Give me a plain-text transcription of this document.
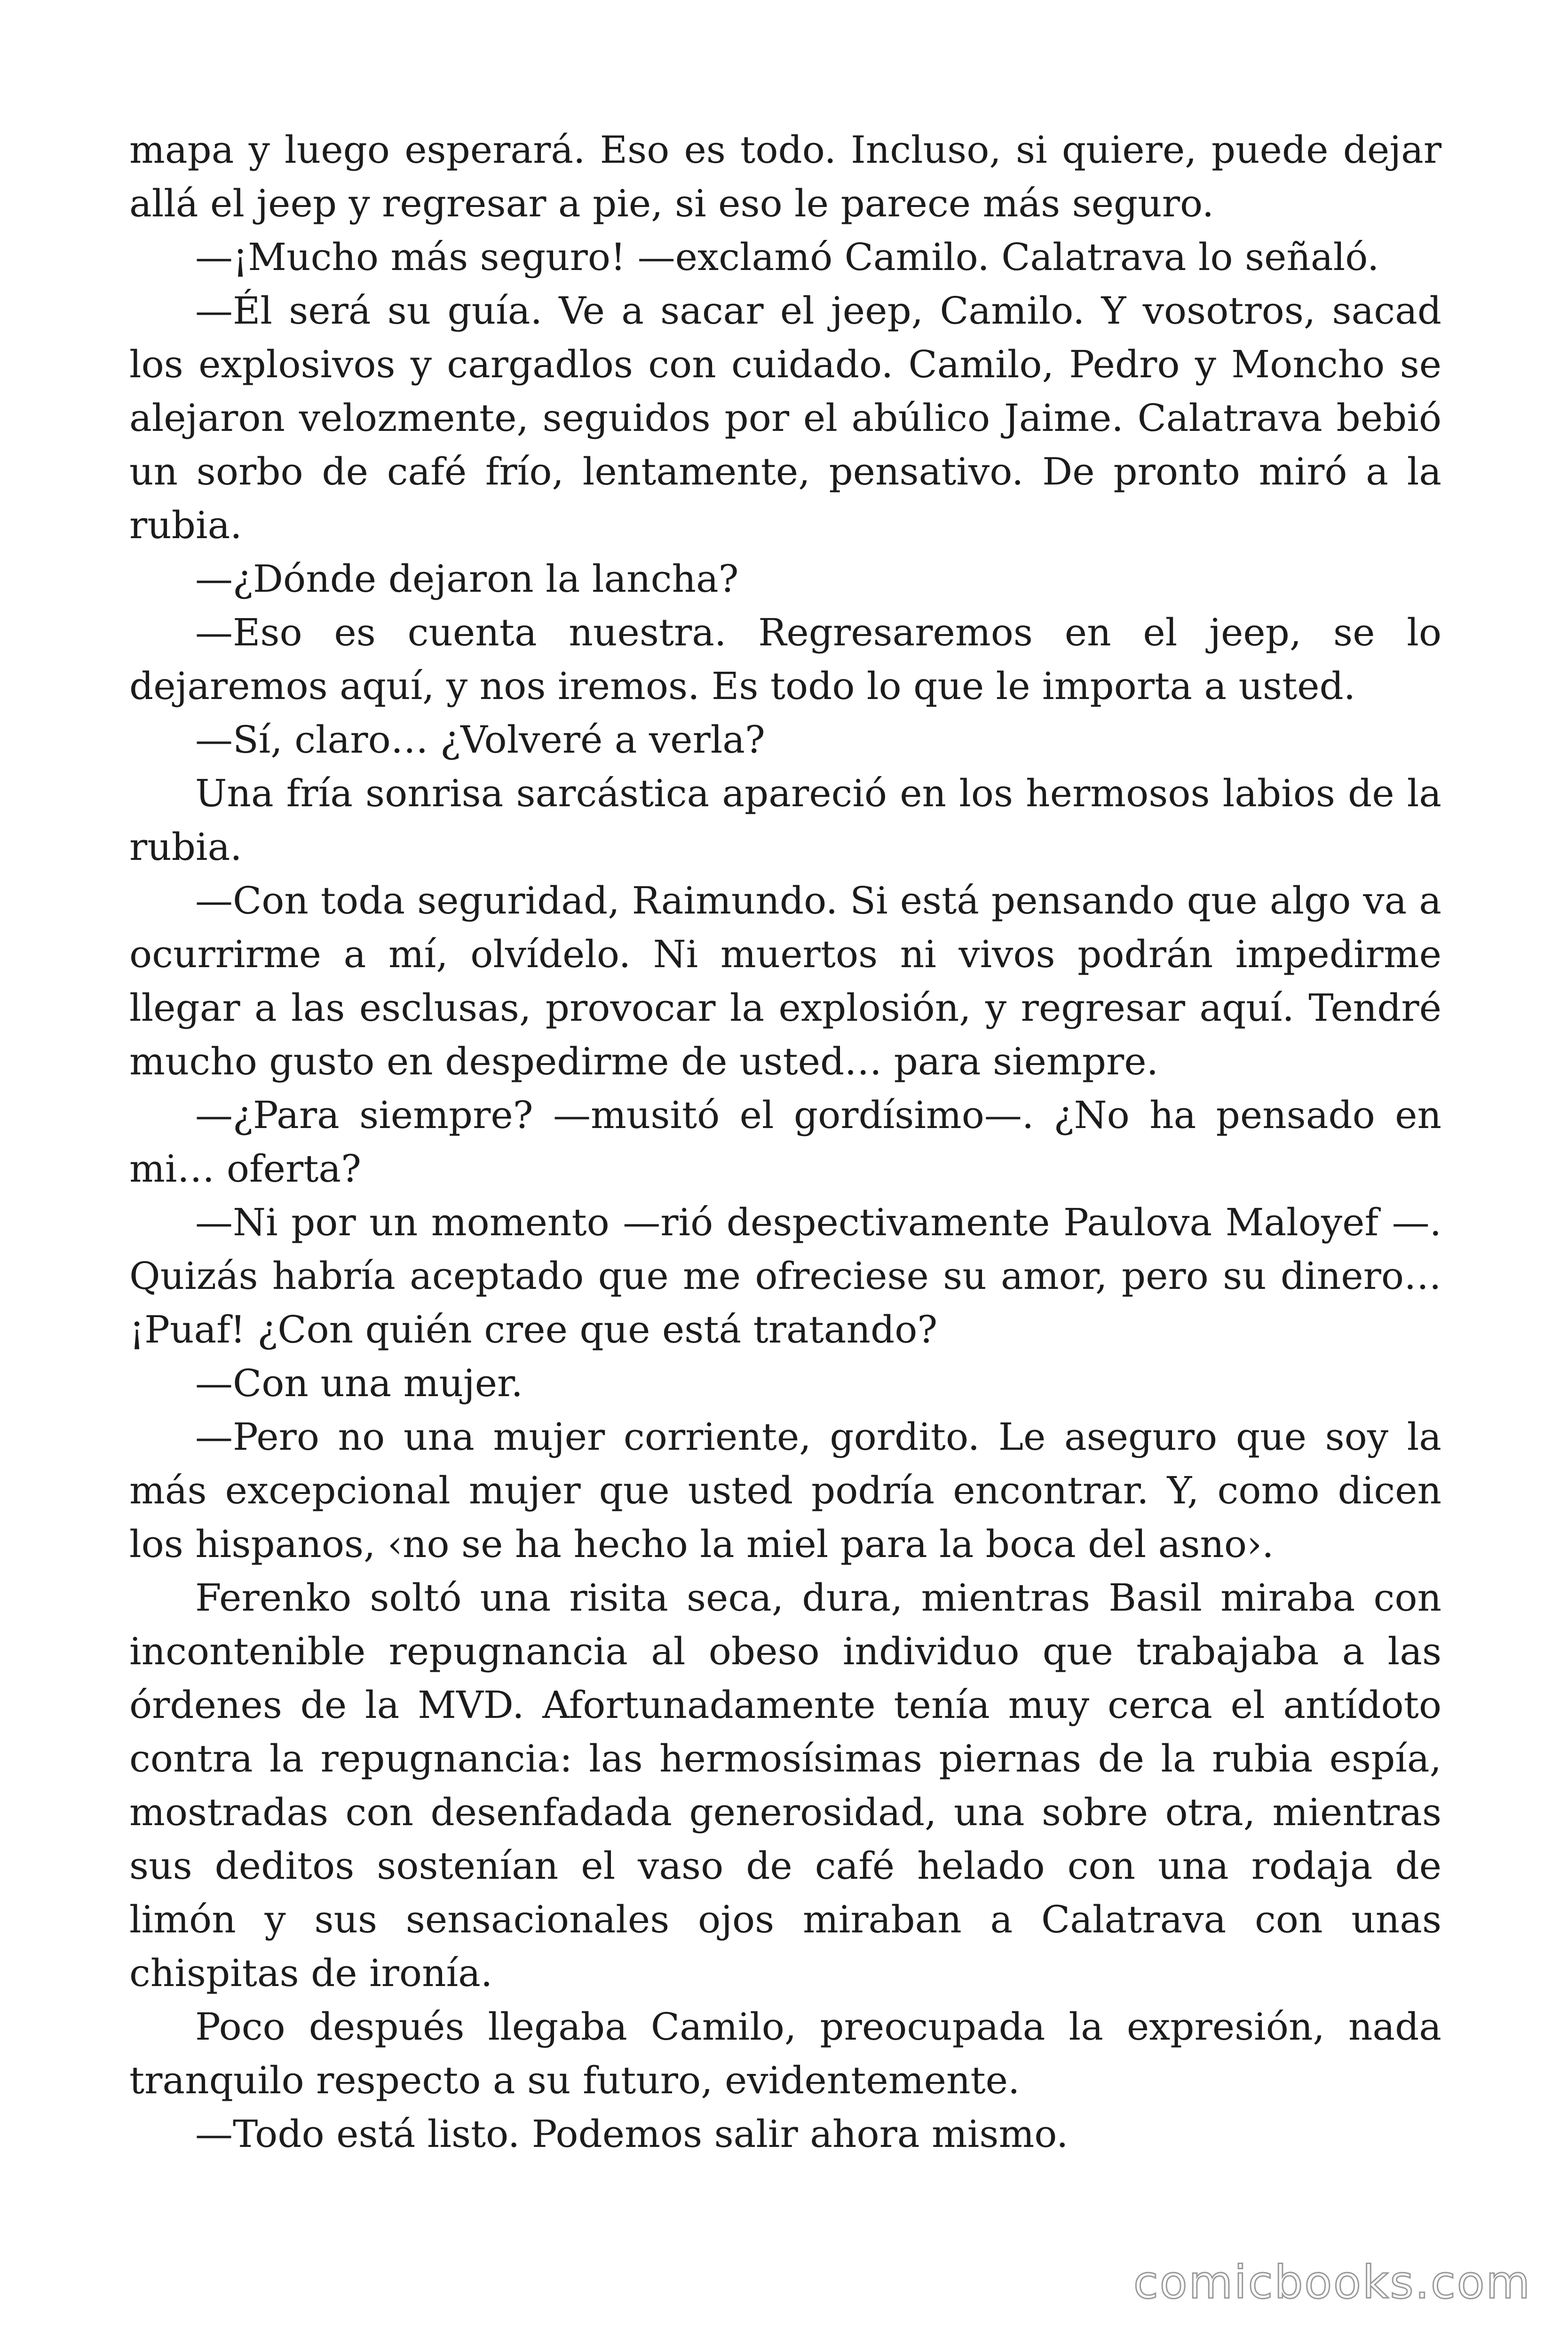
mapa y luego esperará. Eso es todo. Incluso, si quiere, puede dejar allá el jeep y regresar a pie, si eso le parece más seguro.

—¡Mucho más seguro! —exclamó Camilo. Calatrava lo señaló.

—Él será su guía. Ve a sacar el jeep, Camilo. Y vosotros, sacad los explosivos y cargadlos con cuidado. Camilo, Pedro y Moncho se alejaron velozmente, seguidos por el abúlico Jaime. Calatrava bebió un sorbo de café frío, lentamente, pensativo. De pronto miró a la rubia.

—¿Dónde dejaron la lancha?

—Eso es cuenta nuestra. Regresaremos en el jeep, se lo dejaremos aquí, y nos iremos. Es todo lo que le importa a usted.

—Sí, claro… ¿Volveré a verla?

Una fría sonrisa sarcástica apareció en los hermosos labios de la rubia.

—Con toda seguridad, Raimundo. Si está pensando que algo va a ocurrirme a mí, olvídelo. Ni muertos ni vivos podrán impedirme llegar a las esclusas, provocar la explosión, y regresar aquí. Tendré mucho gusto en despedirme de usted… para siempre.

—¿Para siempre? —musitó el gordísimo—. ¿No ha pensado en mi… oferta?

—Ni por un momento —rió despectivamente Paulova Maloyef —. Quizás habría aceptado que me ofreciese su amor, pero su dinero… ¡Puaf! ¿Con quién cree que está tratando?

—Con una mujer.

—Pero no una mujer corriente, gordito. Le aseguro que soy la más excepcional mujer que usted podría encontrar. Y, como dicen los hispanos, ‹no se ha hecho la miel para la boca del asno›.

Ferenko soltó una risita seca, dura, mientras Basil miraba con incontenible repugnancia al obeso individuo que trabajaba a las órdenes de la MVD. Afortunadamente tenía muy cerca el antídoto contra la repugnancia: las hermosísimas piernas de la rubia espía, mostradas con desenfadada generosidad, una sobre otra, mientras sus deditos sostenían el vaso de café helado con una rodaja de limón y sus sensacionales ojos miraban a Calatrava con unas chispitas de ironía.

Poco después llegaba Camilo, preocupada la expresión, nada tranquilo respecto a su futuro, evidentemente.

—Todo está listo. Podemos salir ahora mismo.

comicbooks.com
